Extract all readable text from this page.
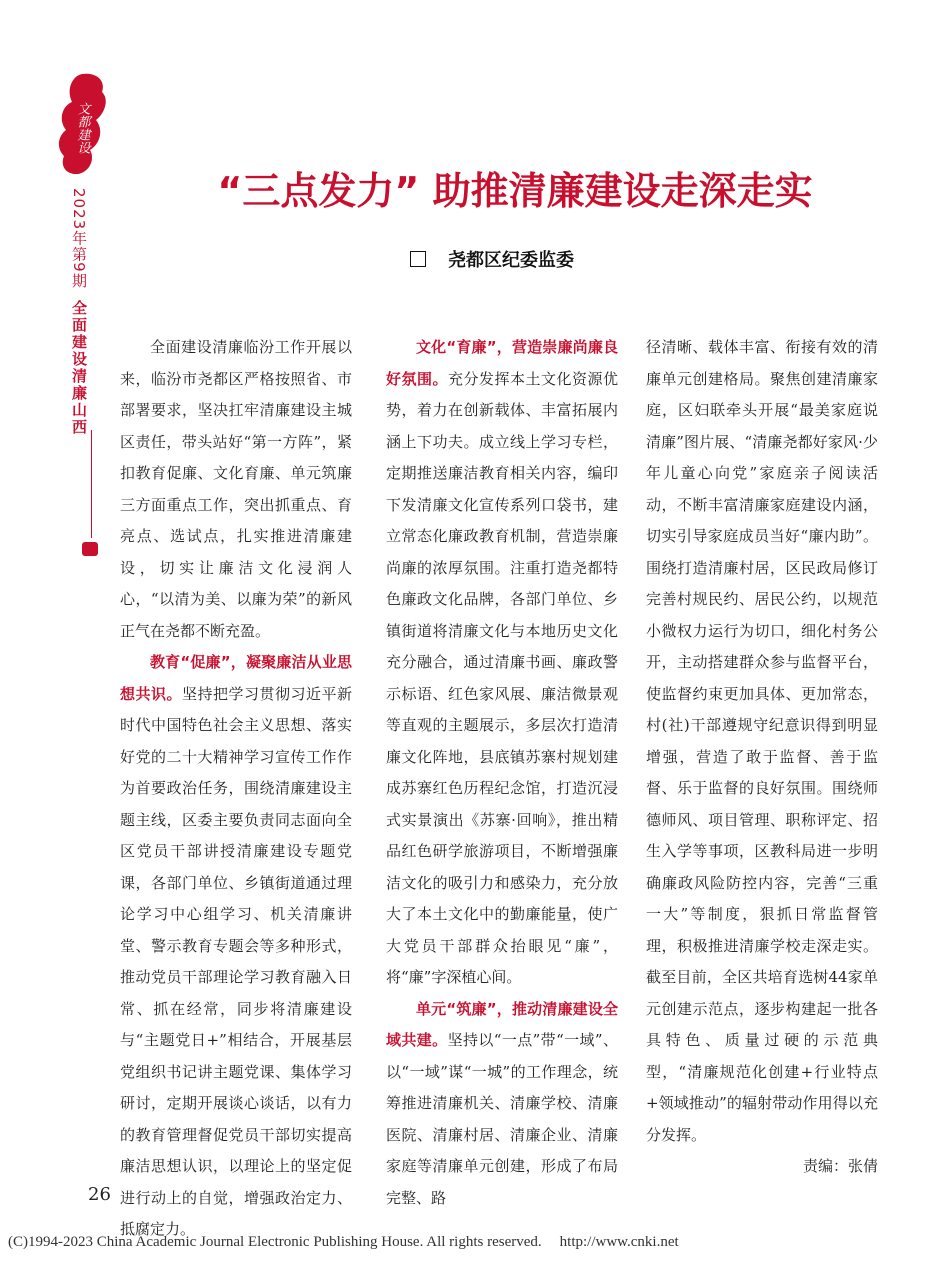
文都建设
2023年第9期
全面建设清廉山西
“三点发力” 助推清廉建设走深走实
尧都区纪委监委

全面建设清廉临汾工作开展以来，临汾市尧都区严格按照省、市部署要求，坚决扛牢清廉建设主城区责任，带头站好“第一方阵”，紧扣教育促廉、文化育廉、单元筑廉三方面重点工作，突出抓重点、育亮点、选试点，扎实推进清廉建设，切实让廉洁文化浸润人心，“以清为美、以廉为荣”的新风正气在尧都不断充盈。

教育“促廉”，凝聚廉洁从业思想共识。坚持把学习贯彻习近平新时代中国特色社会主义思想、落实好党的二十大精神学习宣传工作作为首要政治任务，围绕清廉建设主题主线，区委主要负责同志面向全区党员干部讲授清廉建设专题党课，各部门单位、乡镇街道通过理论学习中心组学习、机关清廉讲堂、警示教育专题会等多种形式，推动党员干部理论学习教育融入日常、抓在经常，同步将清廉建设与“主题党日+”相结合，开展基层党组织书记讲主题党课、集体学习研讨，定期开展谈心谈话，以有力的教育管理督促党员干部切实提高廉洁思想认识，以理论上的坚定促进行动上的自觉，增强政治定力、抵腐定力。

文化“育廉”，营造崇廉尚廉良好氛围。充分发挥本土文化资源优势，着力在创新载体、丰富拓展内涵上下功夫。成立线上学习专栏，定期推送廉洁教育相关内容，编印下发清廉文化宣传系列口袋书，建立常态化廉政教育机制，营造崇廉尚廉的浓厚氛围。注重打造尧都特色廉政文化品牌，各部门单位、乡镇街道将清廉文化与本地历史文化充分融合，通过清廉书画、廉政警示标语、红色家风展、廉洁微景观等直观的主题展示，多层次打造清廉文化阵地，县底镇苏寨村规划建成苏寨红色历程纪念馆，打造沉浸式实景演出《苏寨·回响》，推出精品红色研学旅游项目，不断增强廉洁文化的吸引力和感染力，充分放大了本土文化中的勤廉能量，使广大党员干部群众抬眼见“廉”，将“廉”字深植心间。

单元“筑廉”，推动清廉建设全域共建。坚持以“一点”带“一域”、以“一域”谋“一城”的工作理念，统筹推进清廉机关、清廉学校、清廉医院、清廉村居、清廉企业、清廉家庭等清廉单元创建，形成了布局完整、路

径清晰、载体丰富、衔接有效的清廉单元创建格局。聚焦创建清廉家庭，区妇联牵头开展“最美家庭说清廉”图片展、“清廉尧都好家风·少年儿童心向党”家庭亲子阅读活动，不断丰富清廉家庭建设内涵，切实引导家庭成员当好“廉内助”。围绕打造清廉村居，区民政局修订完善村规民约、居民公约，以规范小微权力运行为切口，细化村务公开，主动搭建群众参与监督平台，使监督约束更加具体、更加常态，村(社)干部遵规守纪意识得到明显增强，营造了敢于监督、善于监督、乐于监督的良好氛围。围绕师德师风、项目管理、职称评定、招生入学等事项，区教科局进一步明确廉政风险防控内容，完善“三重一大”等制度，狠抓日常监督管理，积极推进清廉学校走深走实。截至目前，全区共培育选树44家单元创建示范点，逐步构建起一批各具特色、质量过硬的示范典型，“清廉规范化创建+行业特点+领域推动”的辐射带动作用得以充分发挥。

责编：张倩

26
(C)1994-2023 China Academic Journal Electronic Publishing House. All rights reserved. http://www.cnki.net
